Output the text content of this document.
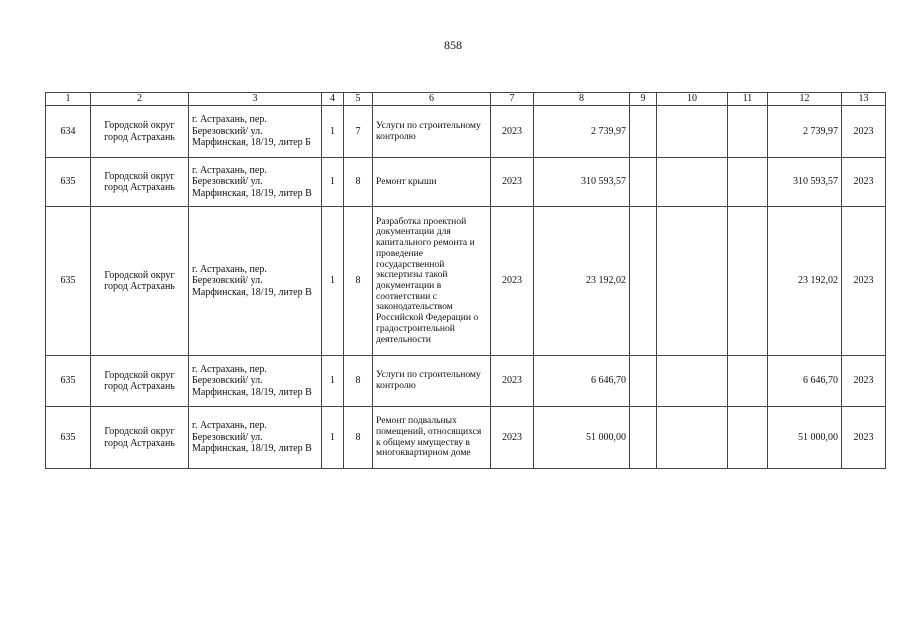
858
1	2	3	4	5	6	7	8	9	10	11	12	13
634	Городской округ город Астрахань	г. Астрахань, пер. Березовский/ ул. Марфинская, 18/19, литер Б	1	7	Услуги по строительному контролю	2023	2 739,97				2 739,97	2023
635	Городской округ город Астрахань	г. Астрахань, пер. Березовский/ ул. Марфинская, 18/19, литер В	1	8	Ремонт крыши	2023	310 593,57				310 593,57	2023
635	Городской округ город Астрахань	г. Астрахань, пер. Березовский/ ул. Марфинская, 18/19, литер В	1	8	Разработка проектной документации для капитального ремонта и проведение государственной экспертизы такой документации в соответствии с законодательством Российской Федерации о градостроительной деятельности	2023	23 192,02				23 192,02	2023
635	Городской округ город Астрахань	г. Астрахань, пер. Березовский/ ул. Марфинская, 18/19, литер В	1	8	Услуги по строительному контролю	2023	6 646,70				6 646,70	2023
635	Городской округ город Астрахань	г. Астрахань, пер. Березовский/ ул. Марфинская, 18/19, литер В	1	8	Ремонт подвальных помещений, относящихся к общему имуществу в многоквартирном доме	2023	51 000,00				51 000,00	2023
